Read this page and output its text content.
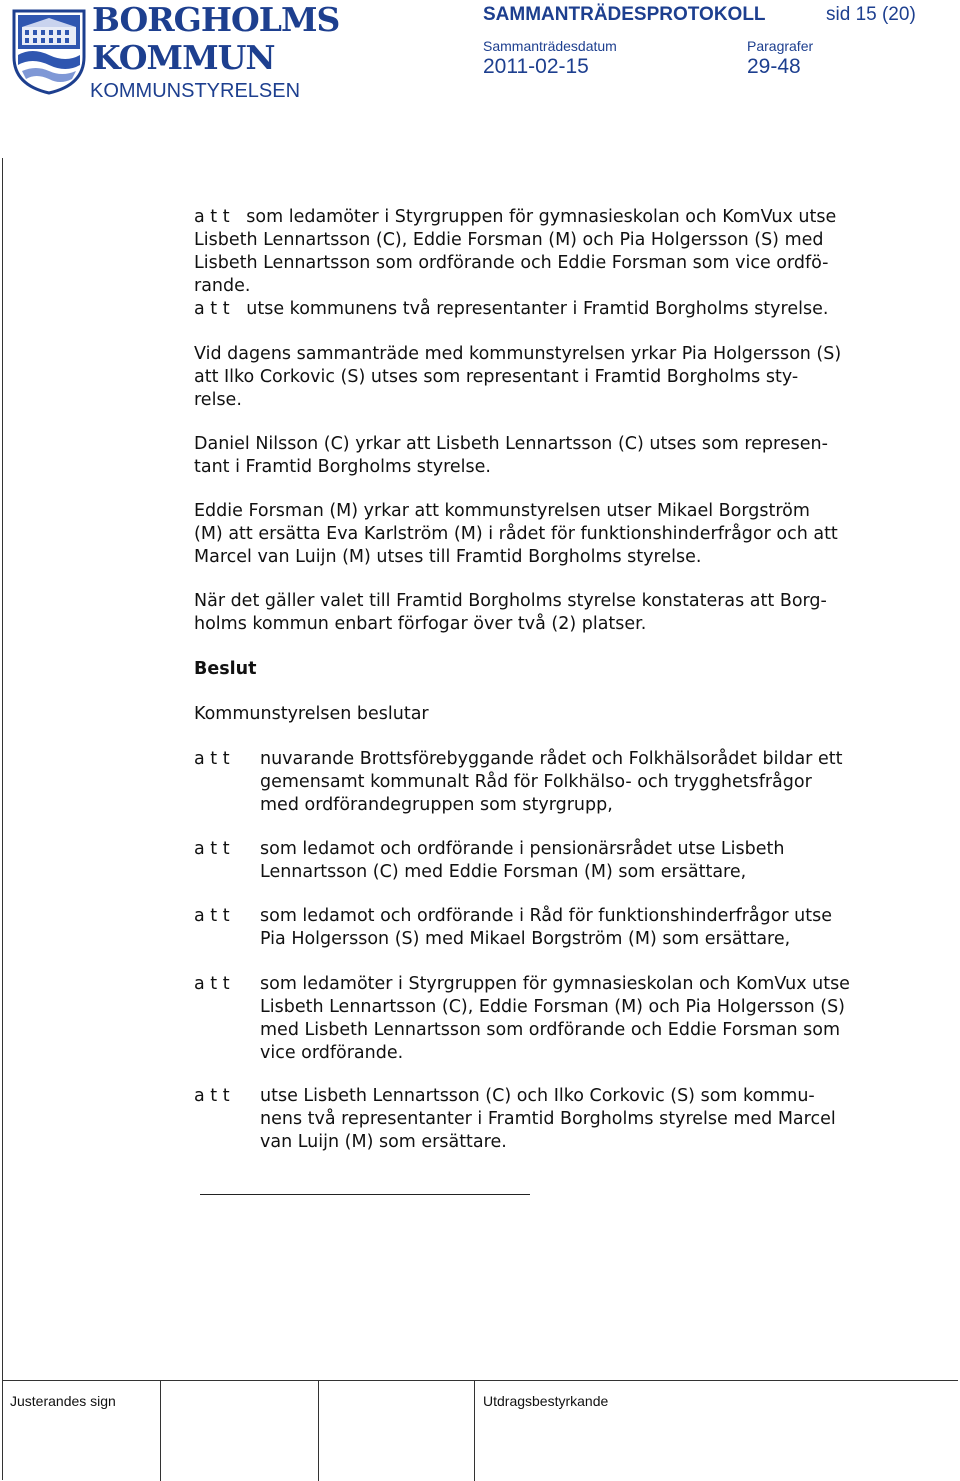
BORGHOLMS
KOMMUN
KOMMUNSTYRELSEN
SAMMANTRÄDESPROTOKOLL	sid 15 (20)
Sammanträdesdatum	Paragrafer
2011-02-15	29-48
Justerandes sign	Utdragsbestyrkande
a t t som ledamöter i Styrgruppen för gymnasieskolan och KomVux utse
Lisbeth Lennartsson (C), Eddie Forsman (M) och Pia Holgersson (S) med
Lisbeth Lennartsson som ordförande och Eddie Forsman som vice ordfö-
rande.
a t t utse kommunens två representanter i Framtid Borgholms styrelse.
Vid dagens sammanträde med kommunstyrelsen yrkar Pia Holgersson (S)
att Ilko Corkovic (S) utses som representant i Framtid Borgholms sty-
relse.
Daniel Nilsson (C) yrkar att Lisbeth Lennartsson (C) utses som represen-
tant i Framtid Borgholms styrelse.
Eddie Forsman (M) yrkar att kommunstyrelsen utser Mikael Borgström
(M) att ersätta Eva Karlström (M) i rådet för funktionshinderfrågor och att
Marcel van Luijn (M) utses till Framtid Borgholms styrelse.
När det gäller valet till Framtid Borgholms styrelse konstateras att Borg-
holms kommun enbart förfogar över två (2) platser.
Beslut
Kommunstyrelsen beslutar
a t t	nuvarande Brottsförebyggande rådet och Folkhälsorådet bildar ett
gemensamt kommunalt Råd för Folkhälso- och trygghetsfrågor
med ordförandegruppen som styrgrupp,
a t t	som ledamot och ordförande i pensionärsrådet utse Lisbeth
Lennartsson (C) med Eddie Forsman (M) som ersättare,
a t t	som ledamot och ordförande i Råd för funktionshinderfrågor utse
Pia Holgersson (S) med Mikael Borgström (M) som ersättare,
a t t	som ledamöter i Styrgruppen för gymnasieskolan och KomVux utse
Lisbeth Lennartsson (C), Eddie Forsman (M) och Pia Holgersson (S)
med Lisbeth Lennartsson som ordförande och Eddie Forsman som
vice ordförande.
a t t	utse Lisbeth Lennartsson (C) och Ilko Corkovic (S) som kommu-
nens två representanter i Framtid Borgholms styrelse med Marcel
van Luijn (M) som ersättare.
